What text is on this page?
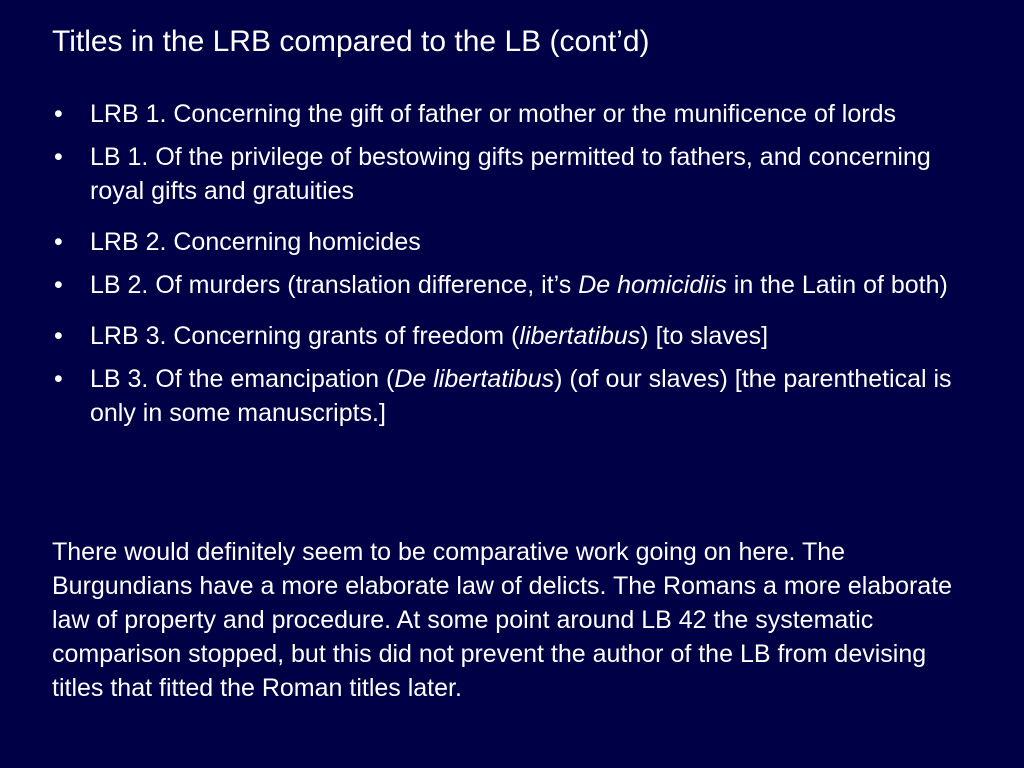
Titles in the LRB compared to the LB (cont’d)
•	LRB 1. Concerning the gift of father or mother or the munificence of lords
•	LB 1. Of the privilege of bestowing gifts permitted to fathers, and concerning royal gifts and gratuities
•	LRB 2. Concerning homicides
•	LB 2. Of murders (translation difference, it’s De homicidiis in the Latin of both)
•	LRB 3. Concerning grants of freedom (libertatibus) [to slaves]
•	LB 3. Of the emancipation (De libertatibus) (of our slaves) [the parenthetical is only in some manuscripts.]

There would definitely seem to be comparative work going on here. The Burgundians have a more elaborate law of delicts. The Romans a more elaborate law of property and procedure. At some point around LB 42 the systematic comparison stopped, but this did not prevent the author of the LB from devising titles that fitted the Roman titles later.
